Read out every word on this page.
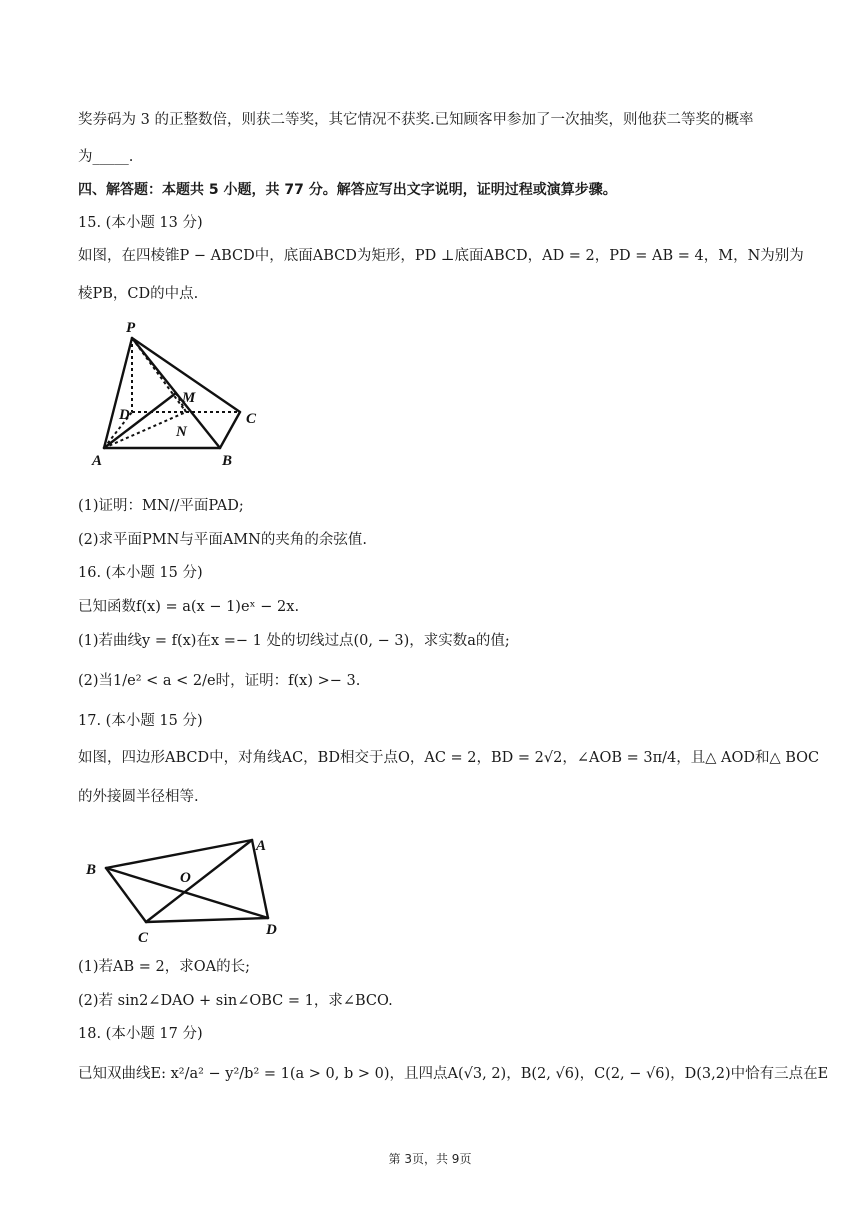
奖券码为 3 的正整数倍，则获二等奖，其它情况不获奖.已知顾客甲参加了一次抽奖，则他获二等奖的概率
为_____.
四、解答题：本题共 5 小题，共 77 分。解答应写出文字说明，证明过程或演算步骤。
15. (本小题 13 分)
如图，在四棱锥P − ABCD中，底面ABCD为矩形，PD ⊥底面ABCD，AD = 2，PD = AB = 4，M，N为别为
棱PB，CD的中点.
P
M
D	C
N
A	B
(1)证明：MN//平面PAD;
(2)求平面PMN与平面AMN的夹角的余弦值.
16. (本小题 15 分)
已知函数f(x) = a(x − 1)eˣ − 2x.
(1)若曲线y = f(x)在x =− 1 处的切线过点(0, − 3)，求实数a的值;
(2)当1/e² < a < 2/e时，证明：f(x) >− 3.
17. (本小题 15 分)
如图，四边形ABCD中，对角线AC，BD相交于点O，AC = 2，BD = 2√2，∠AOB = 3π/4，且△ AOD和△ BOC
的外接圆半径相等.
B
A
O
C	D
(1)若AB = 2，求OA的长;
(2)若 sin2∠DAO + sin∠OBC = 1，求∠BCO.
18. (本小题 17 分)
已知双曲线E: x²/a² − y²/b² = 1(a > 0, b > 0)，且四点A(√3, 2)，B(2, √6)，C(2, − √6)，D(3,2)中恰有三点在E
第 3页，共 9页
